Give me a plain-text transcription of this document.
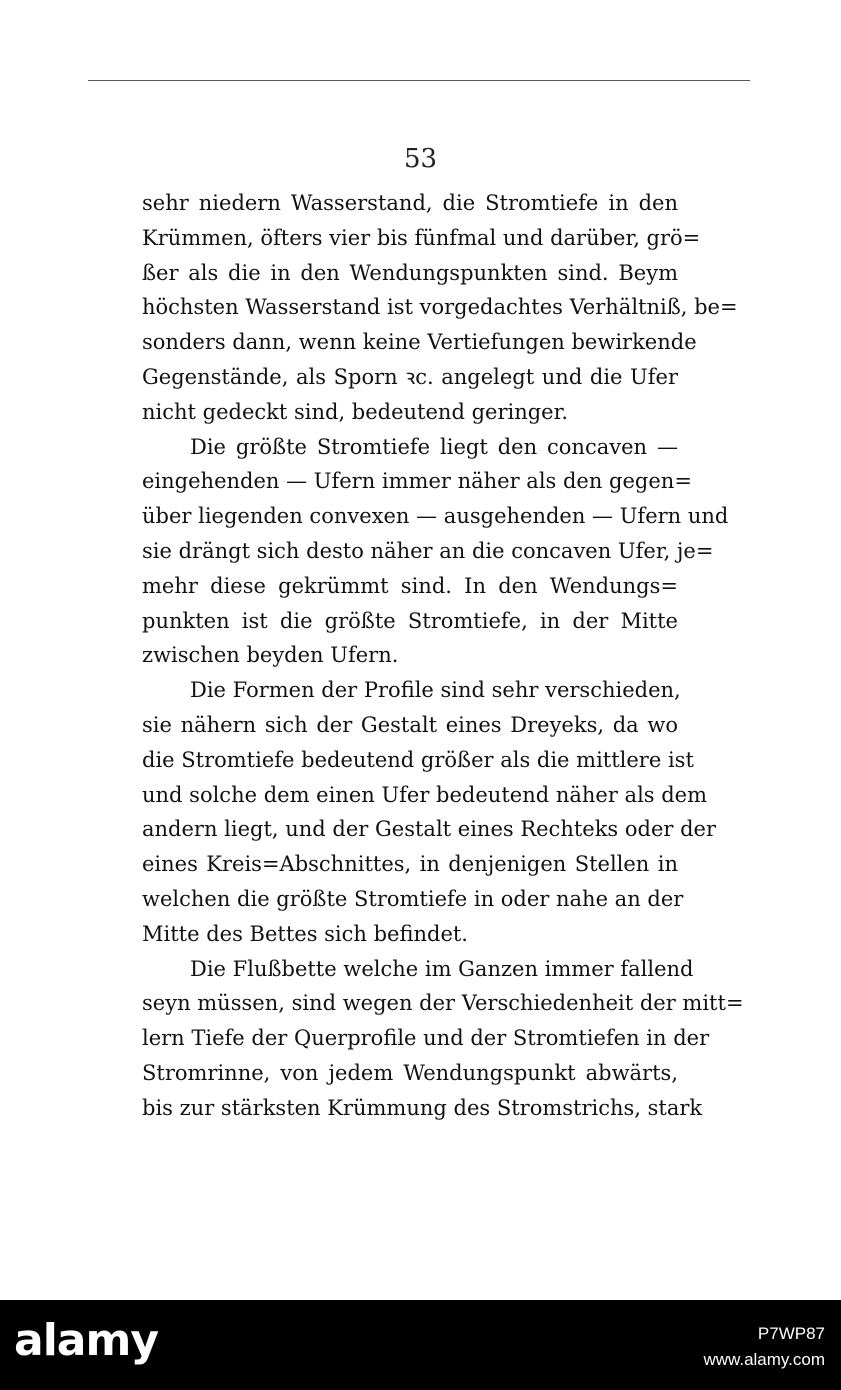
53
sehr niedern Wasserstand, die Stromtiefe in den
Krümmen, öfters vier bis fünfmal und darüber, grö=
ßer als die in den Wendungspunkten sind. Beym
höchsten Wasserstand ist vorgedachtes Verhältniß, be=
sonders dann, wenn keine Vertiefungen bewirkende
Gegenstände, als Sporn ꝛc. angelegt und die Ufer
nicht gedeckt sind, bedeutend geringer.
Die größte Stromtiefe liegt den concaven —
eingehenden — Ufern immer näher als den gegen=
über liegenden convexen — ausgehenden — Ufern und
sie drängt sich desto näher an die concaven Ufer, je=
mehr diese gekrümmt sind. In den Wendungs=
punkten ist die größte Stromtiefe, in der Mitte
zwischen beyden Ufern.
Die Formen der Profile sind sehr verschieden,
sie nähern sich der Gestalt eines Dreyeks, da wo
die Stromtiefe bedeutend größer als die mittlere ist
und solche dem einen Ufer bedeutend näher als dem
andern liegt, und der Gestalt eines Rechteks oder der
eines Kreis=Abschnittes, in denjenigen Stellen in
welchen die größte Stromtiefe in oder nahe an der
Mitte des Bettes sich befindet.
Die Flußbette welche im Ganzen immer fallend
seyn müssen, sind wegen der Verschiedenheit der mitt=
lern Tiefe der Querprofile und der Stromtiefen in der
Stromrinne, von jedem Wendungspunkt abwärts,
bis zur stärksten Krümmung des Stromstrichs, stark
alamy	P7WP87
www.alamy.com
